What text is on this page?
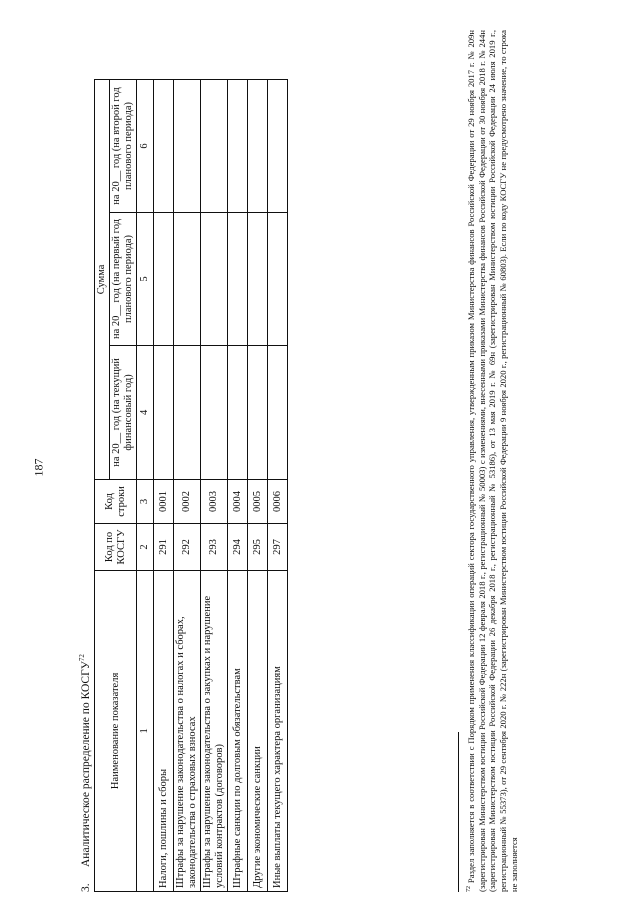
187
3.Аналитическое распределение по КОСГУ$^{72}$
Наименование показателя	Код по КОСГУ	Код строки	Сумма		
			на 20__ год (на текущий финансовый год)	на 20__ год (на первый год планового периода)	на 20__ год (на второй год планового периода)
1	2	3	4	5	6
Налоги, пошлины и сборы	291	0001			
Штрафы за нарушение законодательства о налогах и сборах, законодательства о страховых взносах	292	0002			
Штрафы за нарушение законодательства о закупках и нарушение условий контрактов (договоров)	293	0003			
Штрафные санкции по долговым обязательствам	294	0004			
Другие экономические санкции	295	0005			
Иные выплаты текущего характера организациям	297	0006			
$^{72}$ Раздел заполняется в соответствии с Порядком применения классификации операций сектора государственного управления, утвержденным приказом Министерства финансов Российской Федерации от 29 ноября 2017 г. № 209н (зарегистрирован Министерством юстиции Российской Федерации 12 февраля 2018 г., регистрационный № 50003) с изменениями, внесенными приказами Министерства финансов Российской Федерации от 30 ноября 2018 г. № 244н (зарегистрирован Министерством юстиции Российской Федерации 26 декабря 2018 г., регистрационный № 53186), от 13 мая 2019 г. № 69н (зарегистрирован Министерством юстиции Российской Федерации 24 июля 2019 г., регистрационный № 55373), от 29 сентября 2020 г. № 222н (зарегистрирован Министерством юстиции Российской Федерации 9 ноября 2020 г., регистрационный № 60803). Если по коду КОСГУ не предусмотрено значение, то строка не заполняется
